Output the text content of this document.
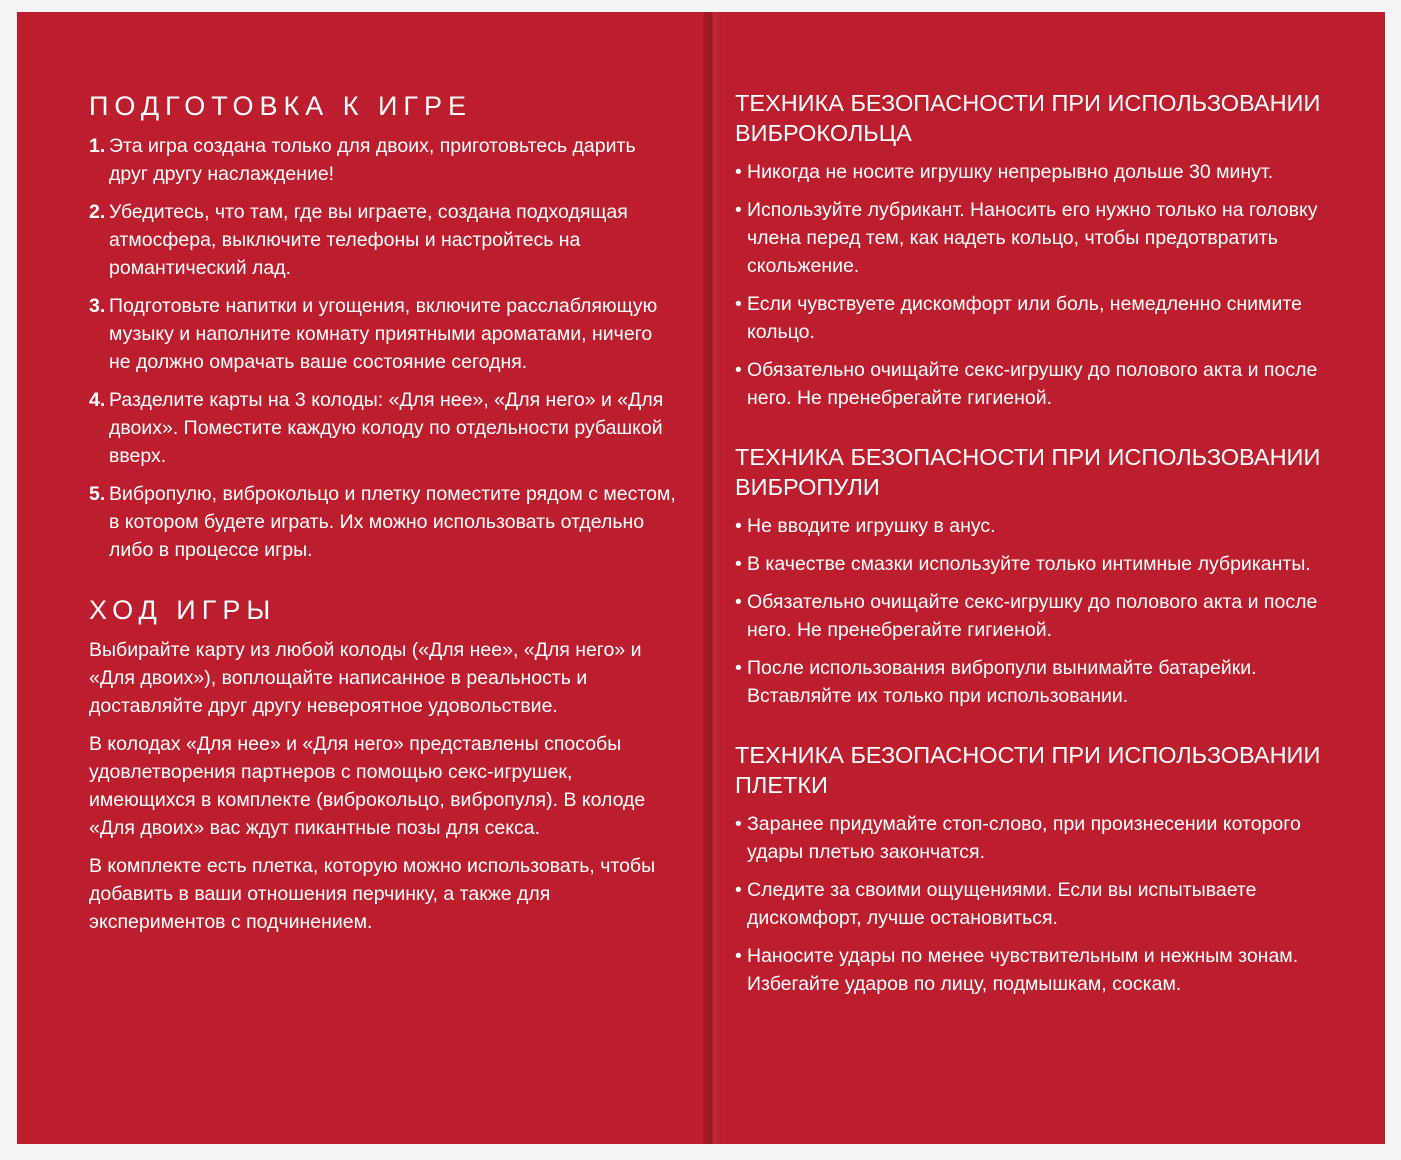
ПОДГОТОВКА К ИГРЕ
1. Эта игра создана только для двоих, приготовьтесь дарить друг другу наслаждение!
2. Убедитесь, что там, где вы играете, создана подходящая атмосфера, выключите телефоны и настройтесь на романтический лад.
3. Подготовьте напитки и угощения, включите расслабляющую музыку и наполните комнату приятными ароматами, ничего не должно омрачать ваше состояние сегодня.
4. Разделите карты на 3 колоды: «Для нее», «Для него» и «Для двоих». Поместите каждую колоду по отдельности рубашкой вверх.
5. Вибропулю, виброкольцо и плетку поместите рядом с местом, в котором будете играть. Их можно использовать отдельно либо в процессе игры.
ХОД ИГРЫ

Выбирайте карту из любой колоды («Для нее», «Для него» и «Для двоих»), воплощайте написанное в реальность и доставляйте друг другу невероятное удовольствие.

В колодах «Для нее» и «Для него» представлены способы удовлетворения партнеров с помощью секс-игрушек, имеющихся в комплекте (виброкольцо, вибропуля). В колоде «Для двоих» вас ждут пикантные позы для секса.

В комплекте есть плетка, которую можно использовать, чтобы добавить в ваши отношения перчинку, а также для экспериментов с подчинением.

ТЕХНИКА БЕЗОПАСНОСТИ ПРИ ИСПОЛЬЗОВАНИИ ВИБРОКОЛЬЦА
• Никогда не носите игрушку непрерывно дольше 30 минут.
• Используйте лубрикант. Наносить его нужно только на головку члена перед тем, как надеть кольцо, чтобы предотвратить скольжение.
• Если чувствуете дискомфорт или боль, немедленно снимите кольцо.
• Обязательно очищайте секс-игрушку до полового акта и после него. Не пренебрегайте гигиеной.
ТЕХНИКА БЕЗОПАСНОСТИ ПРИ ИСПОЛЬЗОВАНИИ ВИБРОПУЛИ
• Не вводите игрушку в анус.
• В качестве смазки используйте только интимные лубриканты.
• Обязательно очищайте секс-игрушку до полового акта и после него. Не пренебрегайте гигиеной.
• После использования вибропули вынимайте батарейки. Вставляйте их только при использовании.
ТЕХНИКА БЕЗОПАСНОСТИ ПРИ ИСПОЛЬЗОВАНИИ ПЛЕТКИ
• Заранее придумайте стоп-слово, при произнесении которого удары плетью закончатся.
• Следите за своими ощущениями. Если вы испытываете дискомфорт, лучше остановиться.
• Наносите удары по менее чувствительным и нежным зонам. Избегайте ударов по лицу, подмышкам, соскам.
